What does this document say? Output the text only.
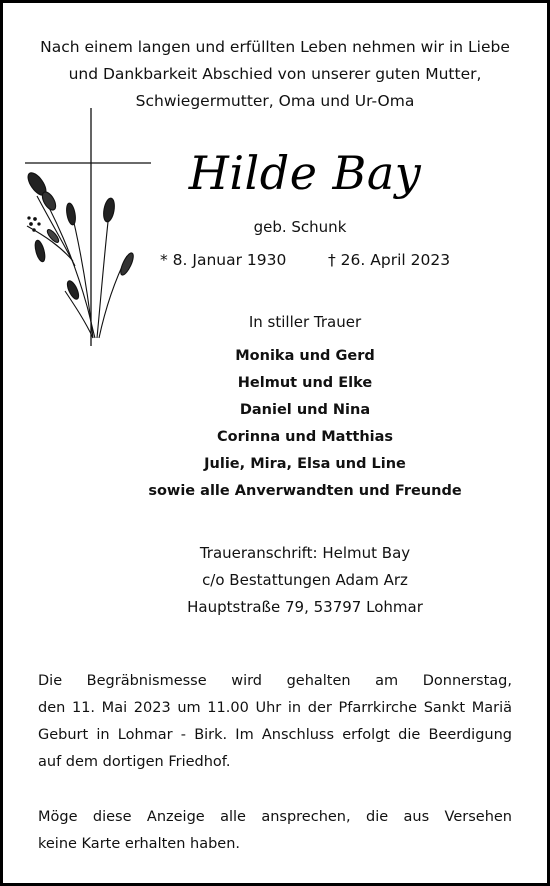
Nach einem langen und erfüllten Leben nehmen wir in Liebe
und Dankbarkeit Abschied von unserer guten Mutter,
Schwiegermutter, Oma und Ur-Oma
Hilde Bay
geb. Schunk
* 8. Januar 1930	† 26. April 2023
In stiller Trauer
Monika und Gerd
Helmut und Elke
Daniel und Nina
Corinna und Matthias
Julie, Mira, Elsa und Line
sowie alle Anverwandten und Freunde
Traueranschrift: Helmut Bay
c/o Bestattungen Adam Arz
Hauptstraße 79, 53797 Lohmar
Die Begräbnismesse wird gehalten am Donnerstag,
den 11. Mai 2023 um 11.00 Uhr in der Pfarrkirche Sankt Mariä
Geburt in Lohmar - Birk. Im Anschluss erfolgt die Beerdigung
auf dem dortigen Friedhof.
Möge diese Anzeige alle ansprechen, die aus Versehen
keine Karte erhalten haben.
